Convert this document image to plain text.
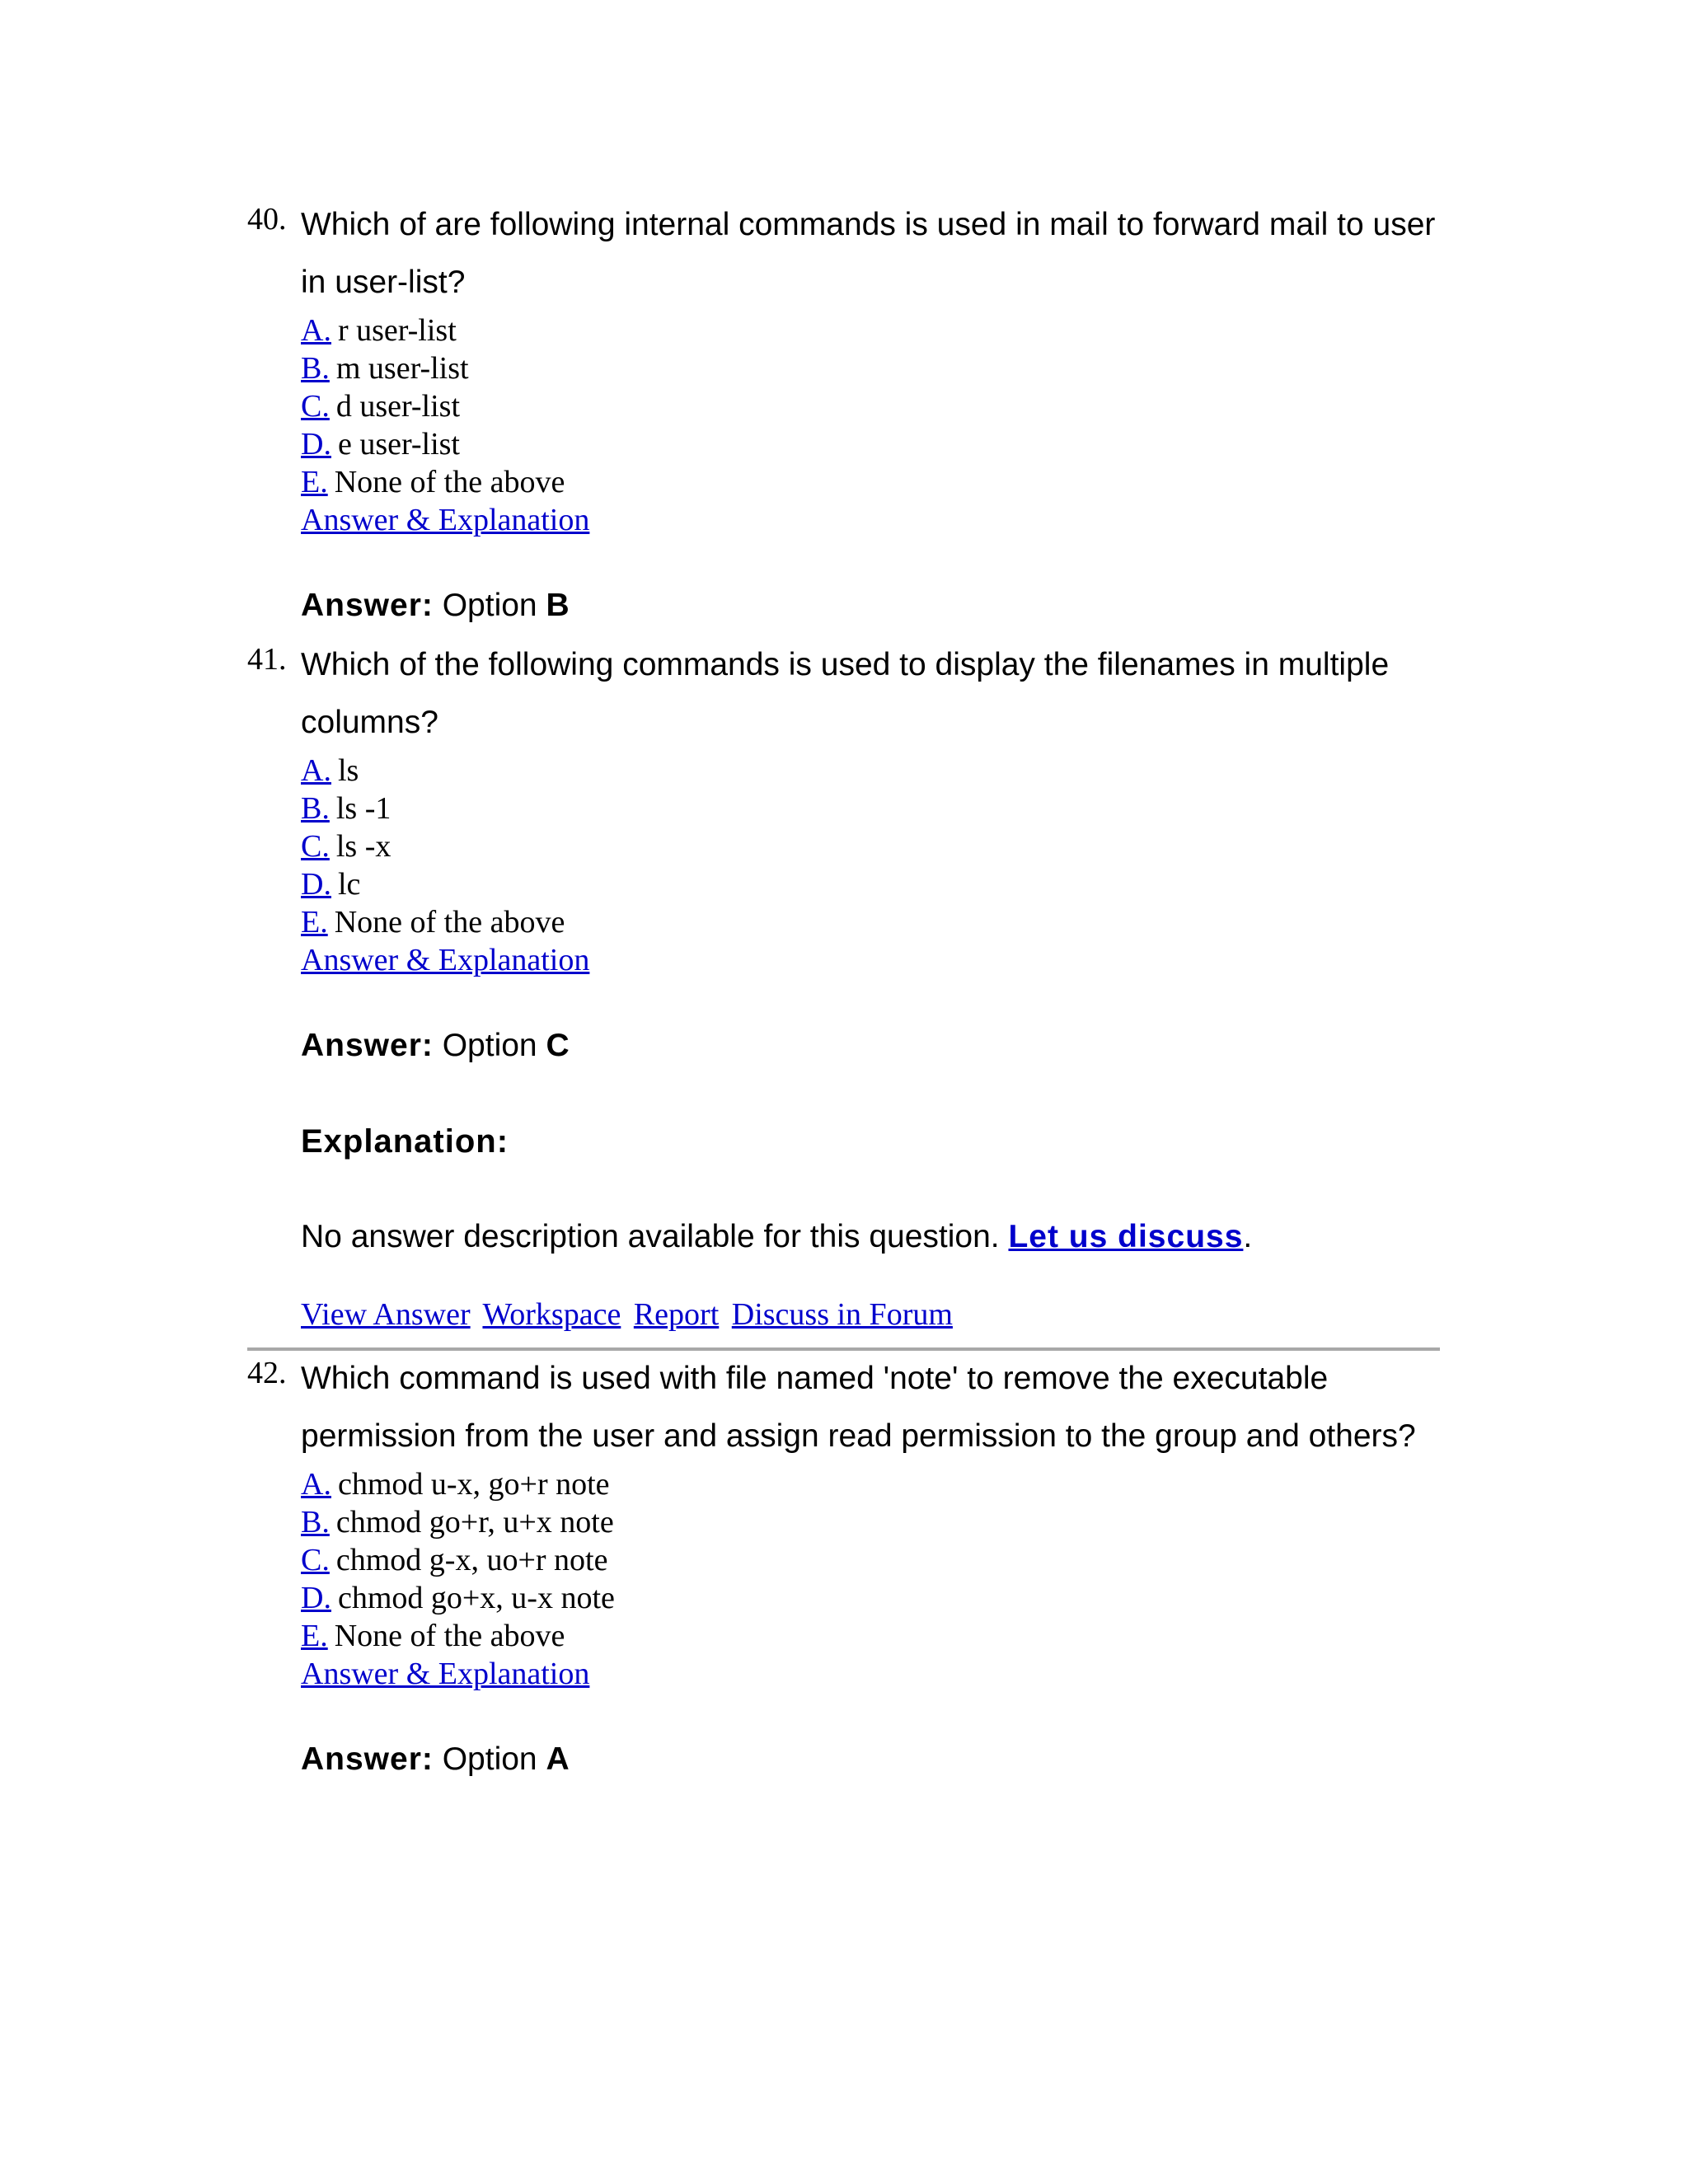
40. Which of are following internal commands is used in mail to forward mail to user in user-list?
A. r user-list
B. m user-list
C. d user-list
D. e user-list
E. None of the above
Answer & Explanation
Answer: Option B
41. Which of the following commands is used to display the filenames in multiple columns?
A. ls
B. ls -1
C. ls -x
D. lc
E. None of the above
Answer & Explanation
Answer: Option C
Explanation:
No answer description available for this question. Let us discuss.
View Answer Workspace Report Discuss in Forum
42. Which command is used with file named 'note' to remove the executable permission from the user and assign read permission to the group and others?
A. chmod u-x, go+r note
B. chmod go+r, u+x note
C. chmod g-x, uo+r note
D. chmod go+x, u-x note
E. None of the above
Answer & Explanation
Answer: Option A
